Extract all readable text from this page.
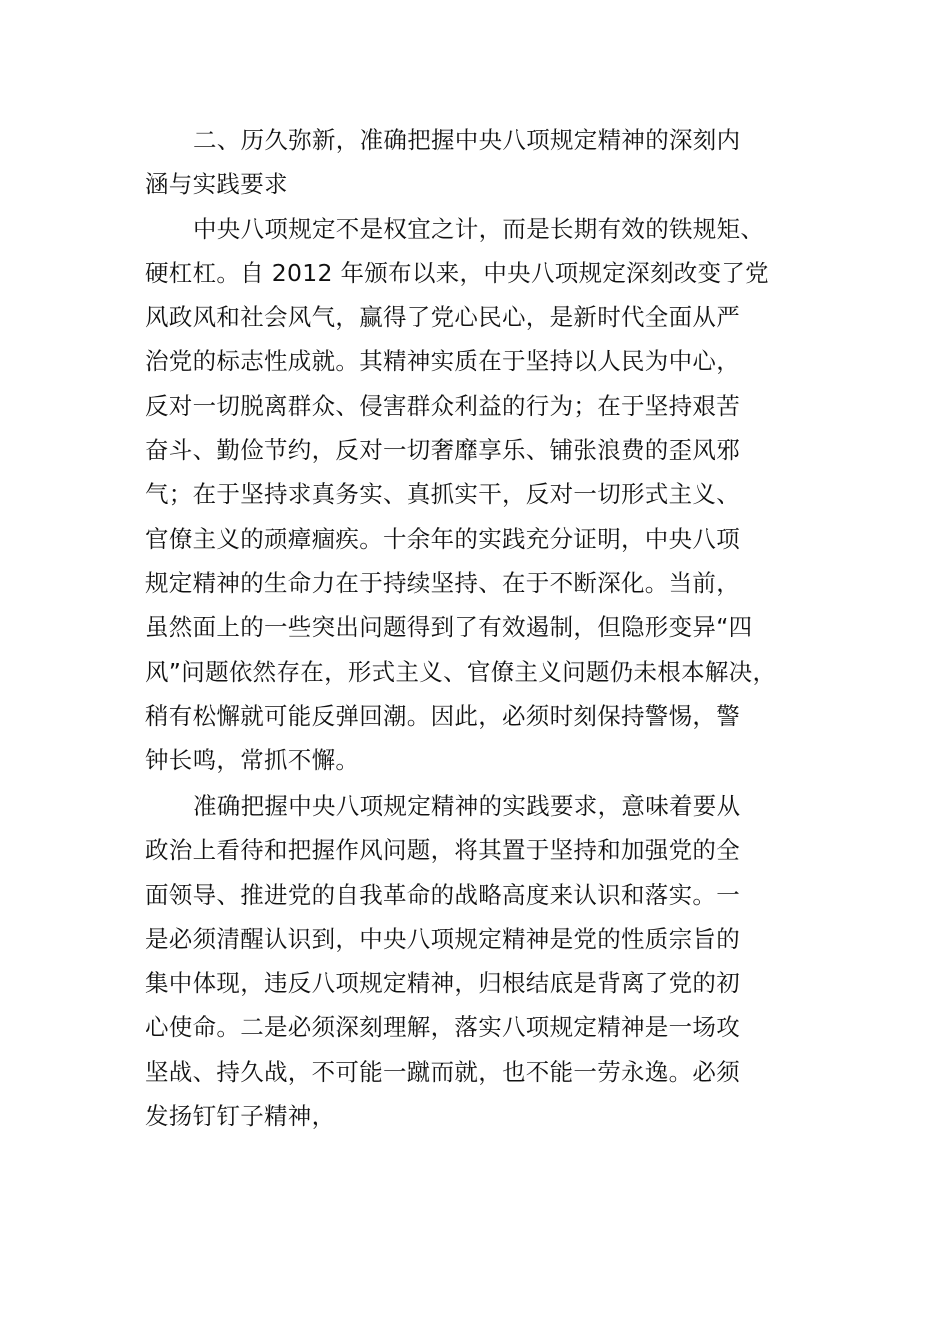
二、历久弥新，准确把握中央八项规定精神的深刻内
涵与实践要求
中央八项规定不是权宜之计，而是长期有效的铁规矩、
硬杠杠。自 2012 年颁布以来，中央八项规定深刻改变了党
风政风和社会风气，赢得了党心民心，是新时代全面从严
治党的标志性成就。其精神实质在于坚持以人民为中心，
反对一切脱离群众、侵害群众利益的行为；在于坚持艰苦
奋斗、勤俭节约，反对一切奢靡享乐、铺张浪费的歪风邪
气；在于坚持求真务实、真抓实干，反对一切形式主义、
官僚主义的顽瘴痼疾。十余年的实践充分证明，中央八项
规定精神的生命力在于持续坚持、在于不断深化。当前，
虽然面上的一些突出问题得到了有效遏制，但隐形变异“四
风”问题依然存在，形式主义、官僚主义问题仍未根本解决，
稍有松懈就可能反弹回潮。因此，必须时刻保持警惕，警
钟长鸣，常抓不懈。
准确把握中央八项规定精神的实践要求，意味着要从
政治上看待和把握作风问题，将其置于坚持和加强党的全
面领导、推进党的自我革命的战略高度来认识和落实。一
是必须清醒认识到，中央八项规定精神是党的性质宗旨的
集中体现，违反八项规定精神，归根结底是背离了党的初
心使命。二是必须深刻理解，落实八项规定精神是一场攻
坚战、持久战，不可能一蹴而就，也不能一劳永逸。必须
发扬钉钉子精神，
